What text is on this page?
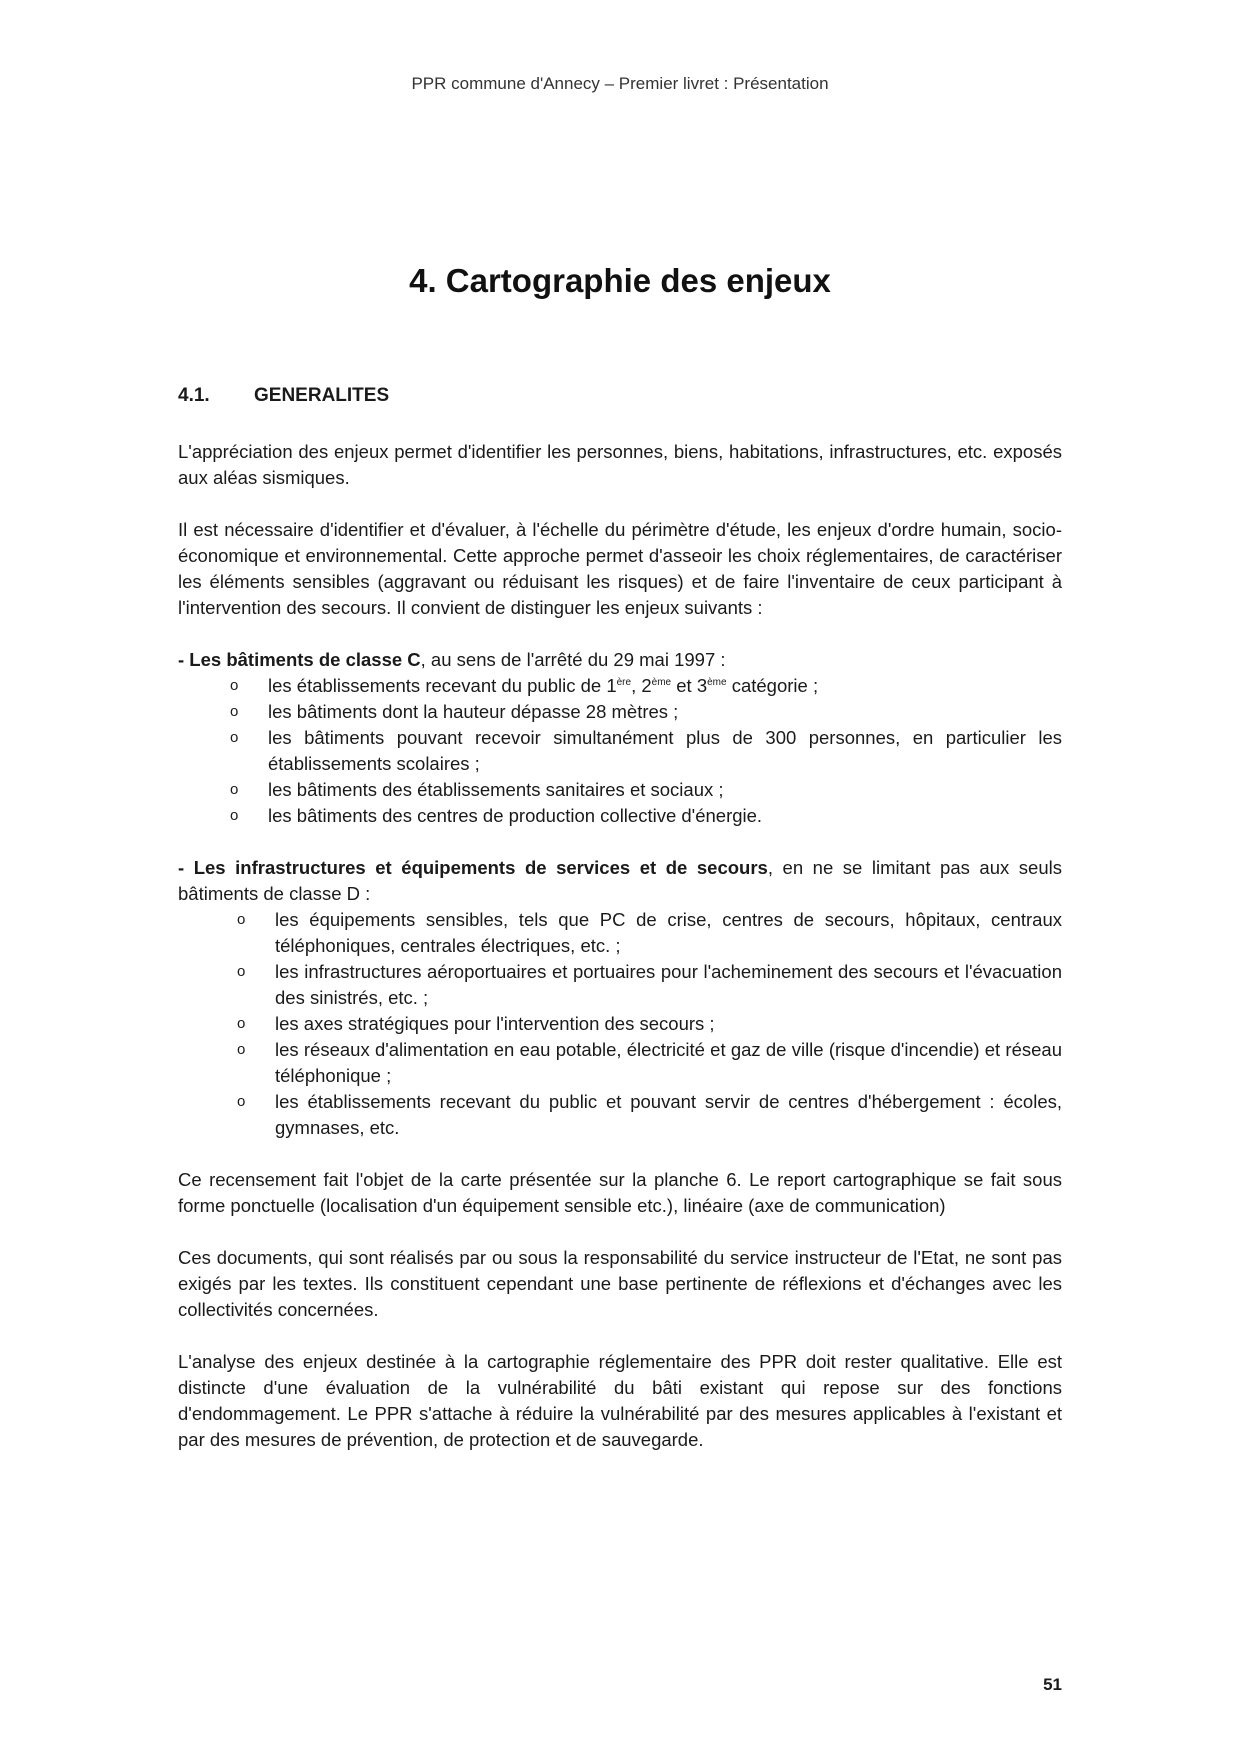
PPR commune d'Annecy – Premier livret : Présentation
4. Cartographie des enjeux
4.1.	GENERALITES

L'appréciation des enjeux permet d'identifier les personnes, biens, habitations, infrastructures, etc. exposés aux aléas sismiques.

Il est nécessaire d'identifier et d'évaluer, à l'échelle du périmètre d'étude, les enjeux d'ordre humain, socio-économique et environnemental. Cette approche permet d'asseoir les choix réglementaires, de caractériser les éléments sensibles (aggravant ou réduisant les risques) et de faire l'inventaire de ceux participant à l'intervention des secours. Il convient de distinguer les enjeux suivants :

- Les bâtiments de classe C, au sens de l'arrêté du 29 mai 1997 :
o les établissements recevant du public de 1ère, 2ème et 3ème catégorie ;
o les bâtiments dont la hauteur dépasse 28 mètres ;
o les bâtiments pouvant recevoir simultanément plus de 300 personnes, en particulier les établissements scolaires ;
o les bâtiments des établissements sanitaires et sociaux ;
o les bâtiments des centres de production collective d'énergie.
- Les infrastructures et équipements de services et de secours, en ne se limitant pas aux seuls bâtiments de classe D :
o les équipements sensibles, tels que PC de crise, centres de secours, hôpitaux, centraux téléphoniques, centrales électriques, etc. ;
o les infrastructures aéroportuaires et portuaires pour l'acheminement des secours et l'évacuation des sinistrés, etc. ;
o les axes stratégiques pour l'intervention des secours ;
o les réseaux d'alimentation en eau potable, électricité et gaz de ville (risque d'incendie) et réseau téléphonique ;
o les établissements recevant du public et pouvant servir de centres d'hébergement : écoles, gymnases, etc.

Ce recensement fait l'objet de la carte présentée sur la planche 6. Le report cartographique se fait sous forme ponctuelle (localisation d'un équipement sensible etc.), linéaire (axe de communication)

Ces documents, qui sont réalisés par ou sous la responsabilité du service instructeur de l'Etat, ne sont pas exigés par les textes. Ils constituent cependant une base pertinente de réflexions et d'échanges avec les collectivités concernées.

L'analyse des enjeux destinée à la cartographie réglementaire des PPR doit rester qualitative. Elle est distincte d'une évaluation de la vulnérabilité du bâti existant qui repose sur des fonctions d'endommagement. Le PPR s'attache à réduire la vulnérabilité par des mesures applicables à l'existant et par des mesures de prévention, de protection et de sauvegarde.

51
